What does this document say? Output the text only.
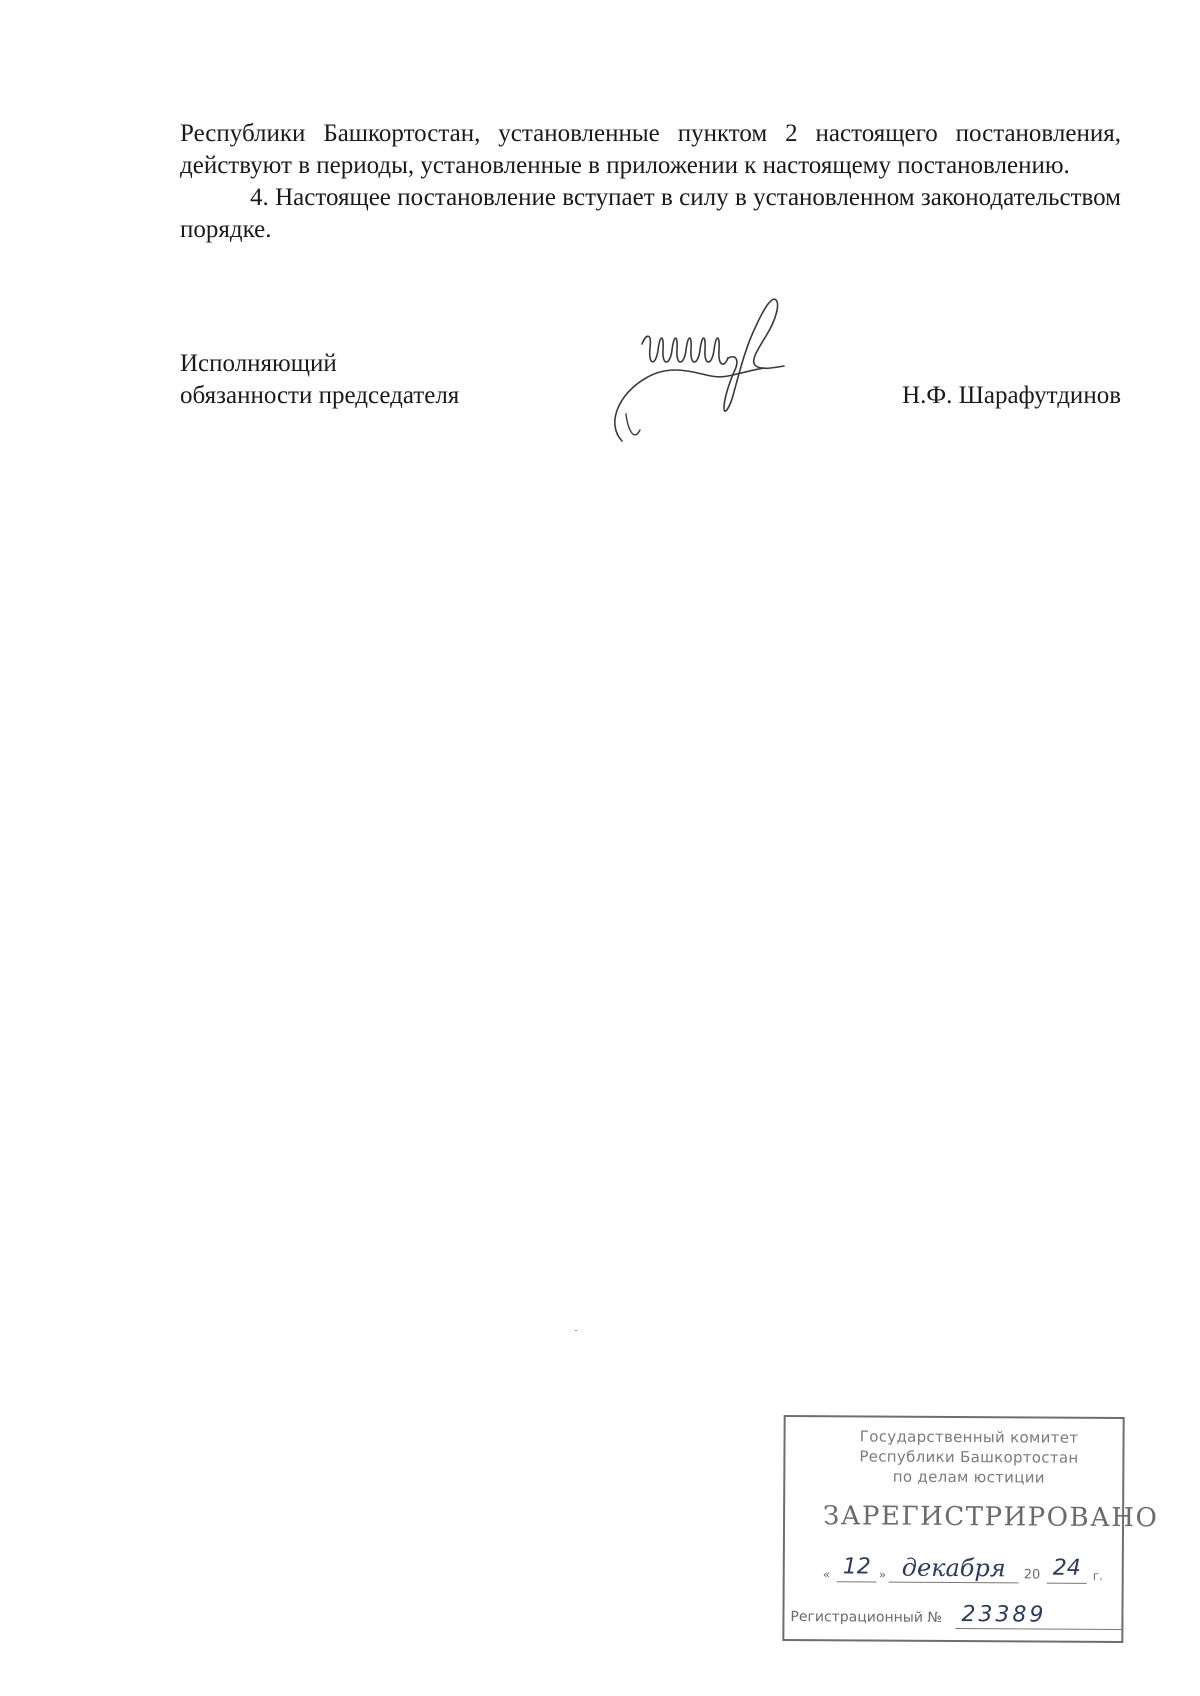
Республики Башкортостан, установленные пунктом 2 настоящего постановления, действуют в периоды, установленные в приложении к настоящему постановлению.

4. Настоящее постановление вступает в силу в установленном законодательством порядке.

Исполняющий
обязанности председателя	Н.Ф. Шарафутдинов
Государственный комитет
Республики Башкортостан
по делам юстиции
ЗАРЕГИСТРИРОВАНО
« 12 » декабря	20 24 г.
Регистрационный № 23389
